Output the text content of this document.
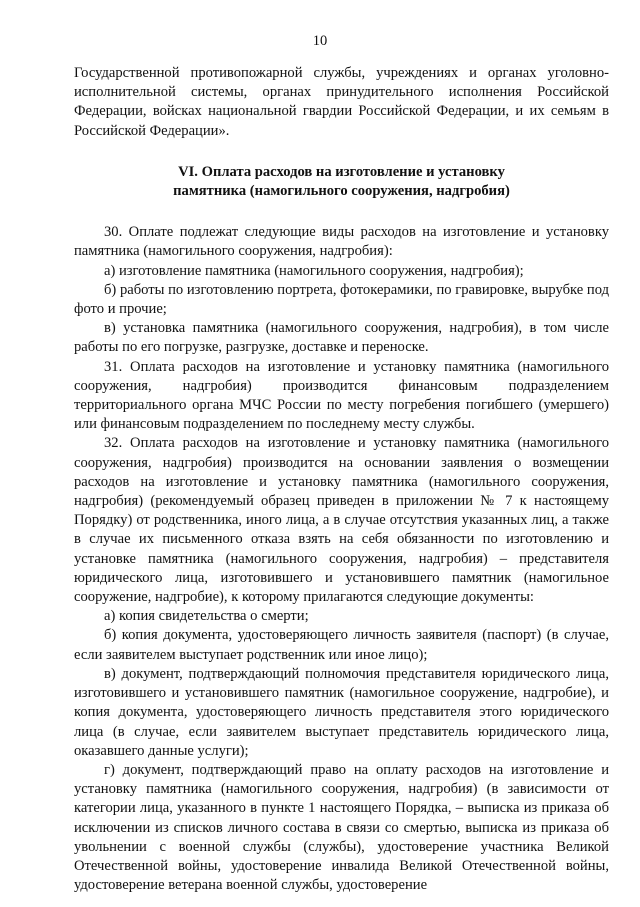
10

Государственной противопожарной службы, учреждениях и органах уголовно-исполнительной системы, органах принудительного исполнения Российской Федерации, войсках национальной гвардии Российской Федерации, и их семьям в Российской Федерации».

VI. Оплата расходов на изготовление и установку
памятника (намогильного сооружения, надгробия)

30. Оплате подлежат следующие виды расходов на изготовление и установку памятника (намогильного сооружения, надгробия):

а) изготовление памятника (намогильного сооружения, надгробия);

б) работы по изготовлению портрета, фотокерамики, по гравировке, вырубке под фото и прочие;

в) установка памятника (намогильного сооружения, надгробия), в том числе работы по его погрузке, разгрузке, доставке и переноске.

31. Оплата расходов на изготовление и установку памятника (намогильного сооружения, надгробия) производится финансовым подразделением территориального органа МЧС России по месту погребения погибшего (умершего) или финансовым подразделением по последнему месту службы.

32. Оплата расходов на изготовление и установку памятника (намогильного сооружения, надгробия) производится на основании заявления о возмещении расходов на изготовление и установку памятника (намогильного сооружения, надгробия) (рекомендуемый образец приведен в приложении № 7 к настоящему Порядку) от родственника, иного лица, а в случае отсутствия указанных лиц, а также в случае их письменного отказа взять на себя обязанности по изготовлению и установке памятника (намогильного сооружения, надгробия) – представителя юридического лица, изготовившего и установившего памятник (намогильное сооружение, надгробие), к которому прилагаются следующие документы:

а) копия свидетельства о смерти;

б) копия документа, удостоверяющего личность заявителя (паспорт) (в случае, если заявителем выступает родственник или иное лицо);

в) документ, подтверждающий полномочия представителя юридического лица, изготовившего и установившего памятник (намогильное сооружение, надгробие), и копия документа, удостоверяющего личность представителя этого юридического лица (в случае, если заявителем выступает представитель юридического лица, оказавшего данные услуги);

г) документ, подтверждающий право на оплату расходов на изготовление и установку памятника (намогильного сооружения, надгробия) (в зависимости от категории лица, указанного в пункте 1 настоящего Порядка, – выписка из приказа об исключении из списков личного состава в связи со смертью, выписка из приказа об увольнении с военной службы (службы), удостоверение участника Великой Отечественной войны, удостоверение инвалида Великой Отечественной войны, удостоверение ветерана военной службы, удостоверение
